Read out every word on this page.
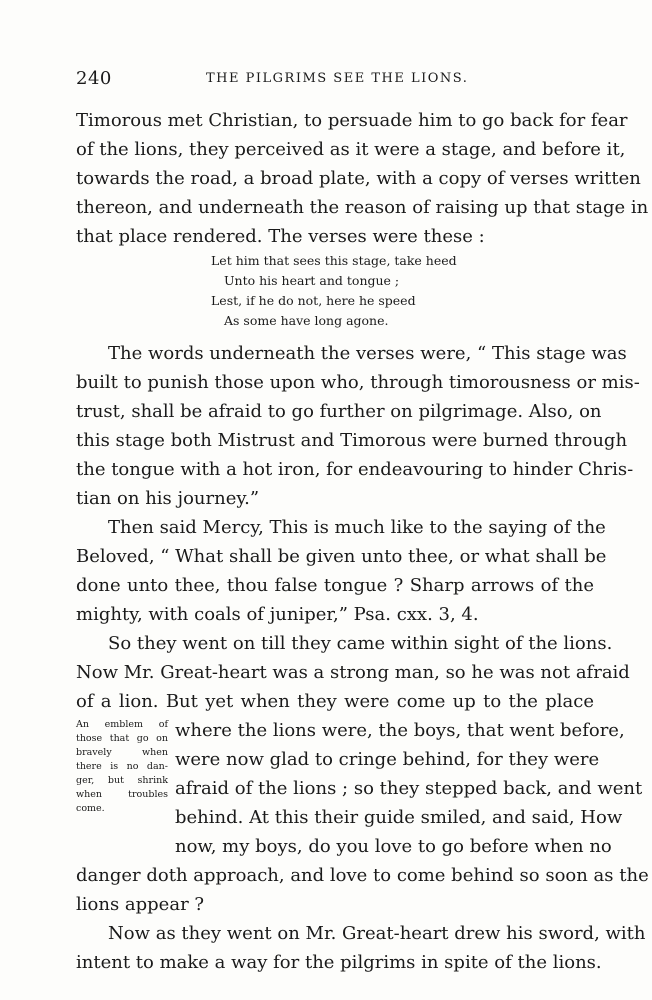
240	THE PILGRIMS SEE THE LIONS.
Timorous met Christian, to persuade him to go back for fear
of the lions, they perceived as it were a stage, and before it,
towards the road, a broad plate, with a copy of verses written
thereon, and underneath the reason of raising up that stage in
that place rendered. The verses were these :
Let him that sees this stage, take heed
Unto his heart and tongue ;
Lest, if he do not, here he speed
As some have long agone.
The words underneath the verses were, “ This stage was
built to punish those upon who, through timorousness or mis-
trust, shall be afraid to go further on pilgrimage. Also, on
this stage both Mistrust and Timorous were burned through
the tongue with a hot iron, for endeavouring to hinder Chris-
tian on his journey.”
Then said Mercy, This is much like to the saying of the
Beloved, “ What shall be given unto thee, or what shall be
done unto thee, thou false tongue ? Sharp arrows of the
mighty, with coals of juniper,” Psa. cxx. 3, 4.
So they went on till they came within sight of the lions.
Now Mr. Great-heart was a strong man, so he was not afraid
of a lion. But yet when they were come up to the place
where the lions were, the boys, that went before,
were now glad to cringe behind, for they were
afraid of the lions ; so they stepped back, and went
behind. At this their guide smiled, and said, How
now, my boys, do you love to go before when no
An emblem of
those that go on
bravely when
there is no dan-
ger, but shrink
when troubles
come.
danger doth approach, and love to come behind so soon as the
lions appear ?
Now as they went on Mr. Great-heart drew his sword, with
intent to make a way for the pilgrims in spite of the lions.
